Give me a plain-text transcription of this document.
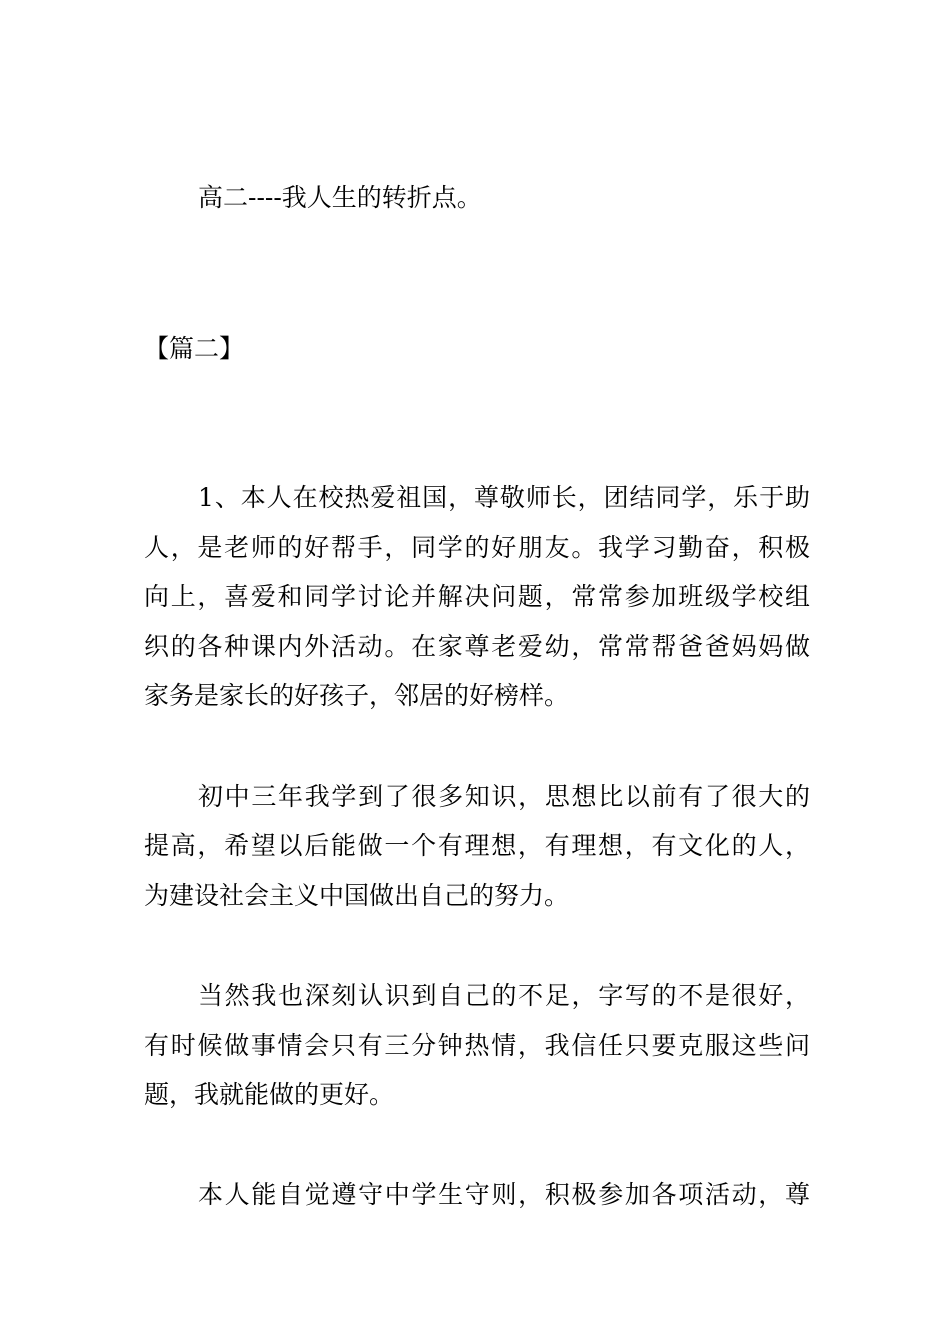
高二----我人生的转折点。
【篇二】
1、本人在校热爱祖国，尊敬师长，团结同学，乐于助
人，是老师的好帮手，同学的好朋友。我学习勤奋，积极
向上，喜爱和同学讨论并解决问题，常常参加班级学校组
织的各种课内外活动。在家尊老爱幼，常常帮爸爸妈妈做
家务是家长的好孩子，邻居的好榜样。
初中三年我学到了很多知识，思想比以前有了很大的
提高，希望以后能做一个有理想，有理想，有文化的人，
为建设社会主义中国做出自己的努力。
当然我也深刻认识到自己的不足，字写的不是很好，
有时候做事情会只有三分钟热情，我信任只要克服这些问
题，我就能做的更好。
本人能自觉遵守中学生守则，积极参加各项活动，尊
